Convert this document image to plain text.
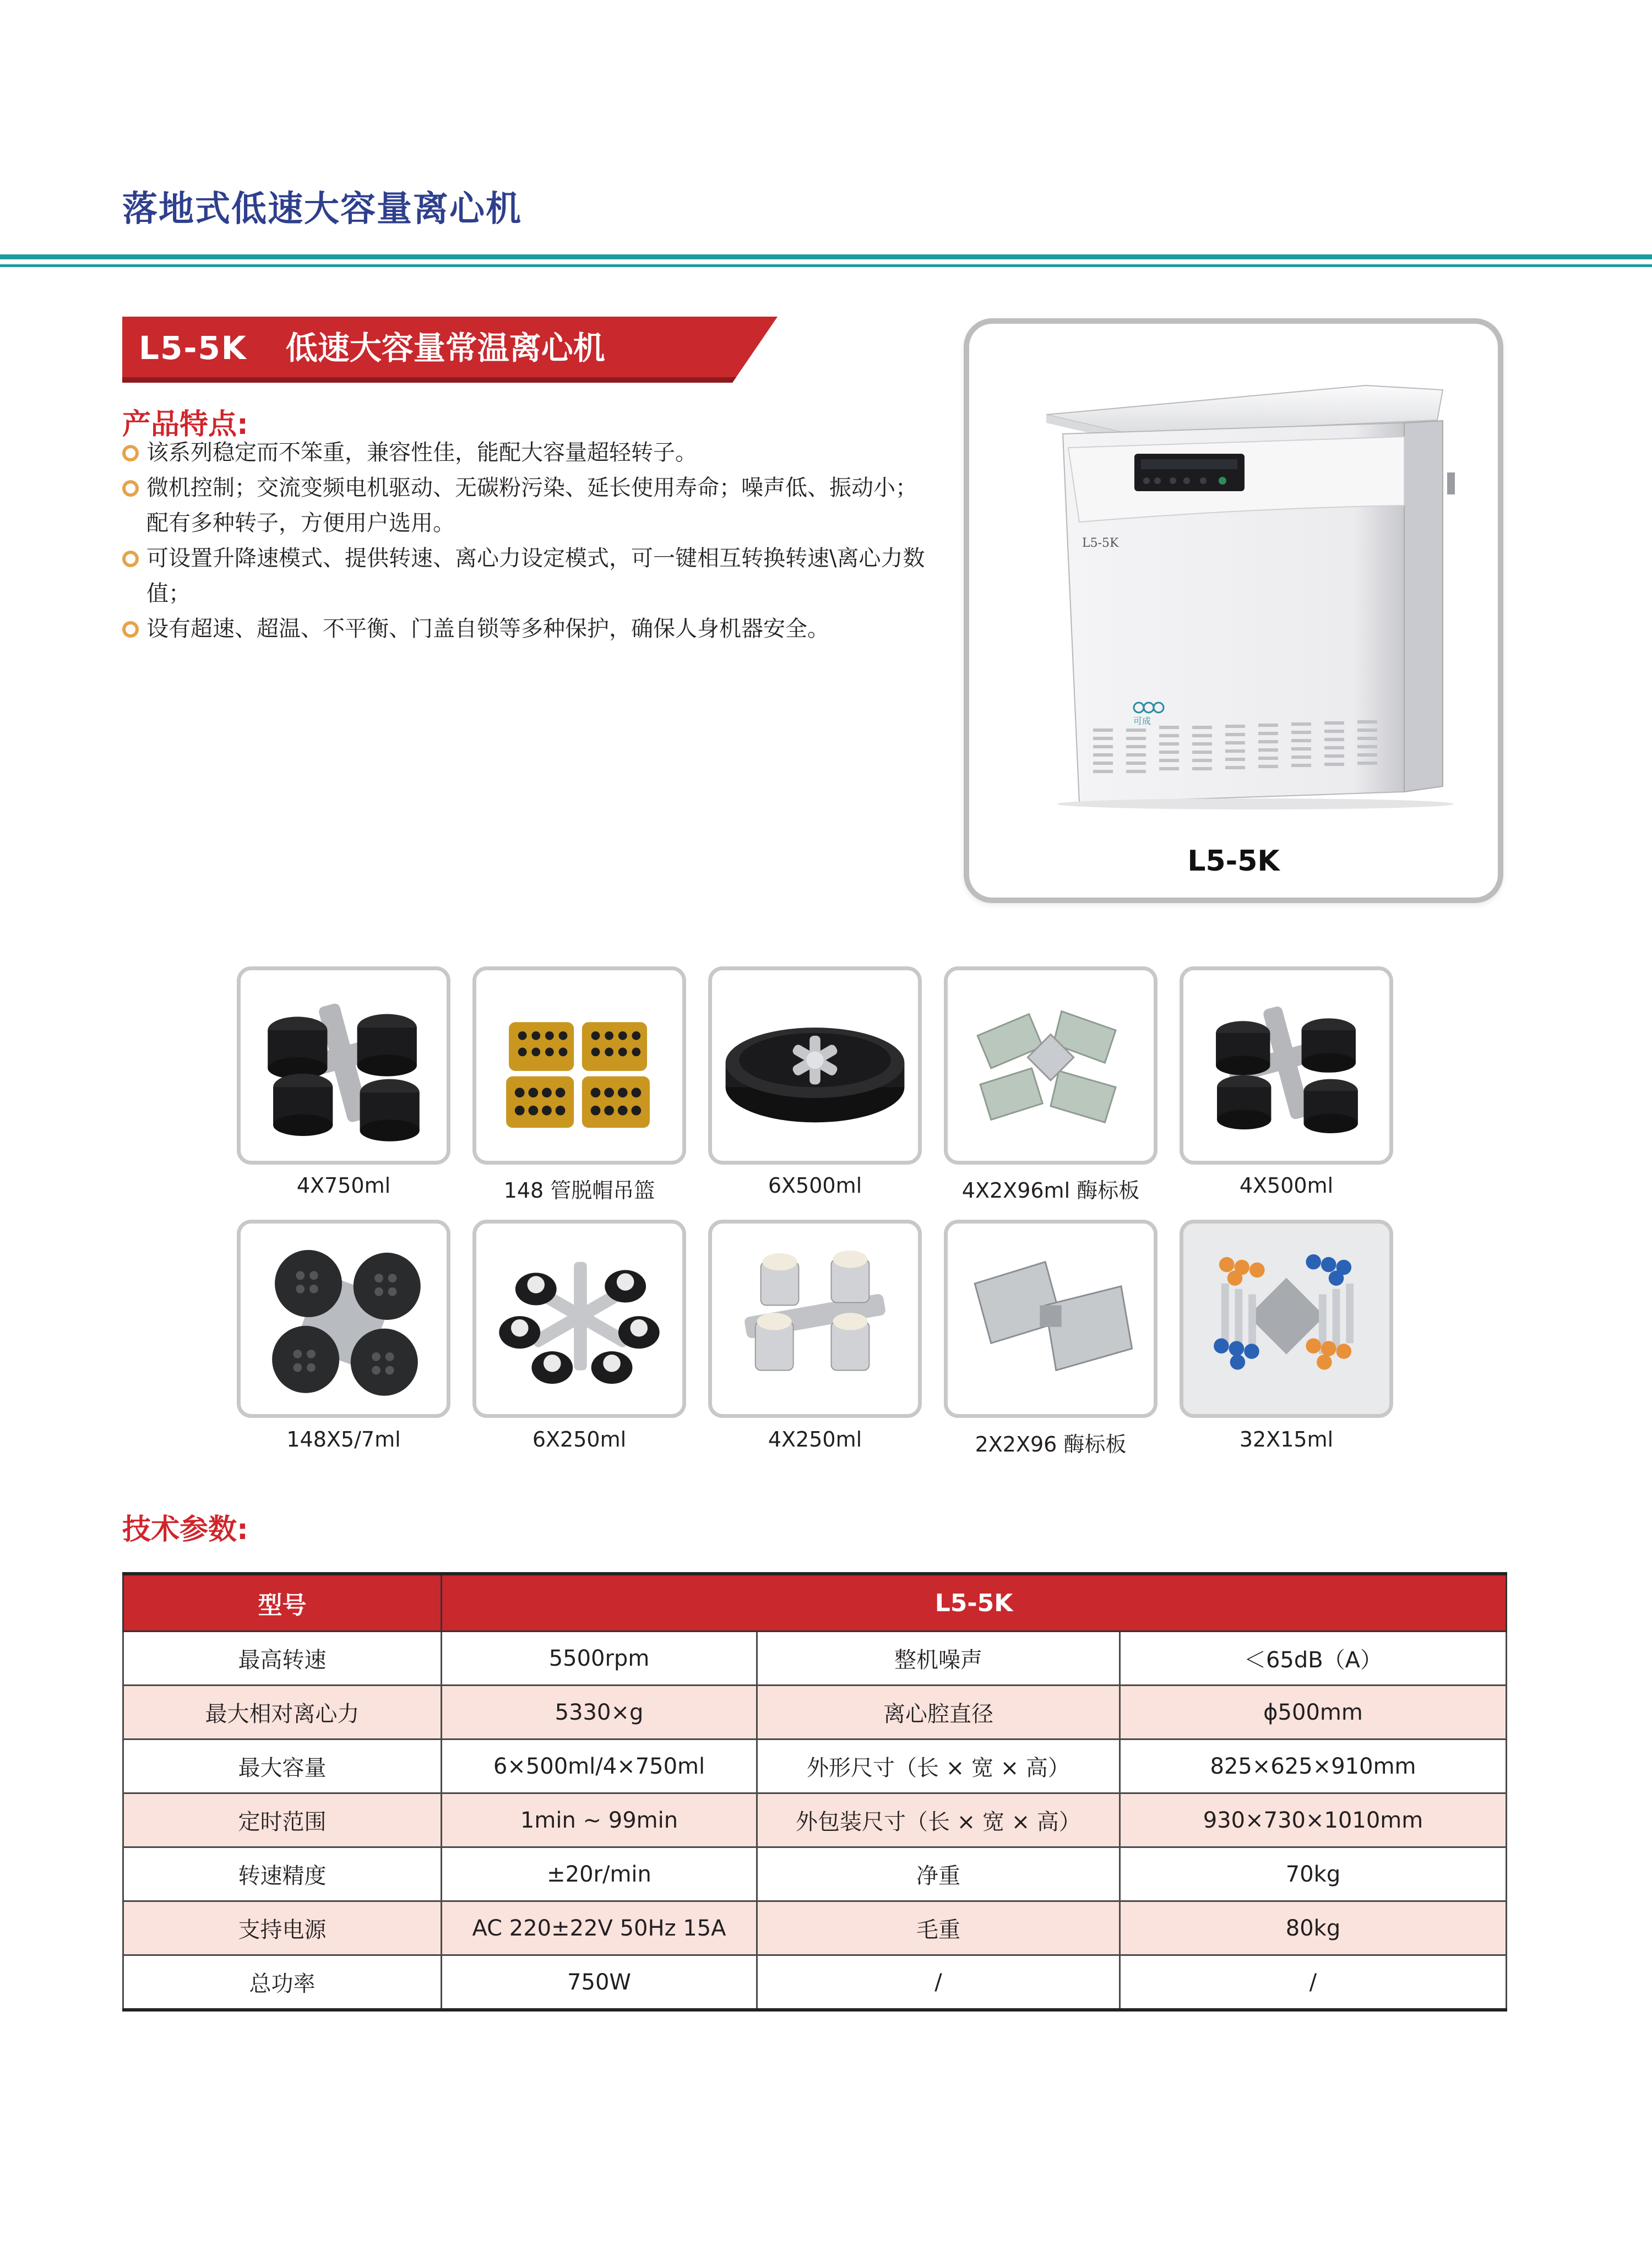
落地式低速大容量离心机
L5-5K 低速大容量常温离心机
产品特点:
该系列稳定而不笨重，兼容性佳，能配大容量超轻转子。
微机控制；交流变频电机驱动、无碳粉污染、延长使用寿命；噪声低、振动小；配有多种转子，方便用户选用。
可设置升降速模式、提供转速、离心力设定模式，可一键相互转换转速\离心力数值；
设有超速、超温、不平衡、门盖自锁等多种保护，确保人身机器安全。
L5-5K
可成
L5-5K
4X750ml	148 管脱帽吊篮	6X500ml	4X2X96ml 酶标板	4X500ml
148X5/7ml	6X250ml	4X250ml	2X2X96 酶标板	32X15ml
技术参数:
型号	L5-5K		
最高转速	5500rpm	整机噪声	＜65dB（A）
最大相对离心力	5330×g	离心腔直径	ϕ500mm
最大容量	6×500ml/4×750ml	外形尺寸（长 × 宽 × 高）	825×625×910mm
定时范围	1min ~ 99min	外包装尺寸（长 × 宽 × 高）	930×730×1010mm
转速精度	±20r/min	净重	70kg
支持电源	AC 220±22V 50Hz 15A	毛重	80kg
总功率	750W	/	/
